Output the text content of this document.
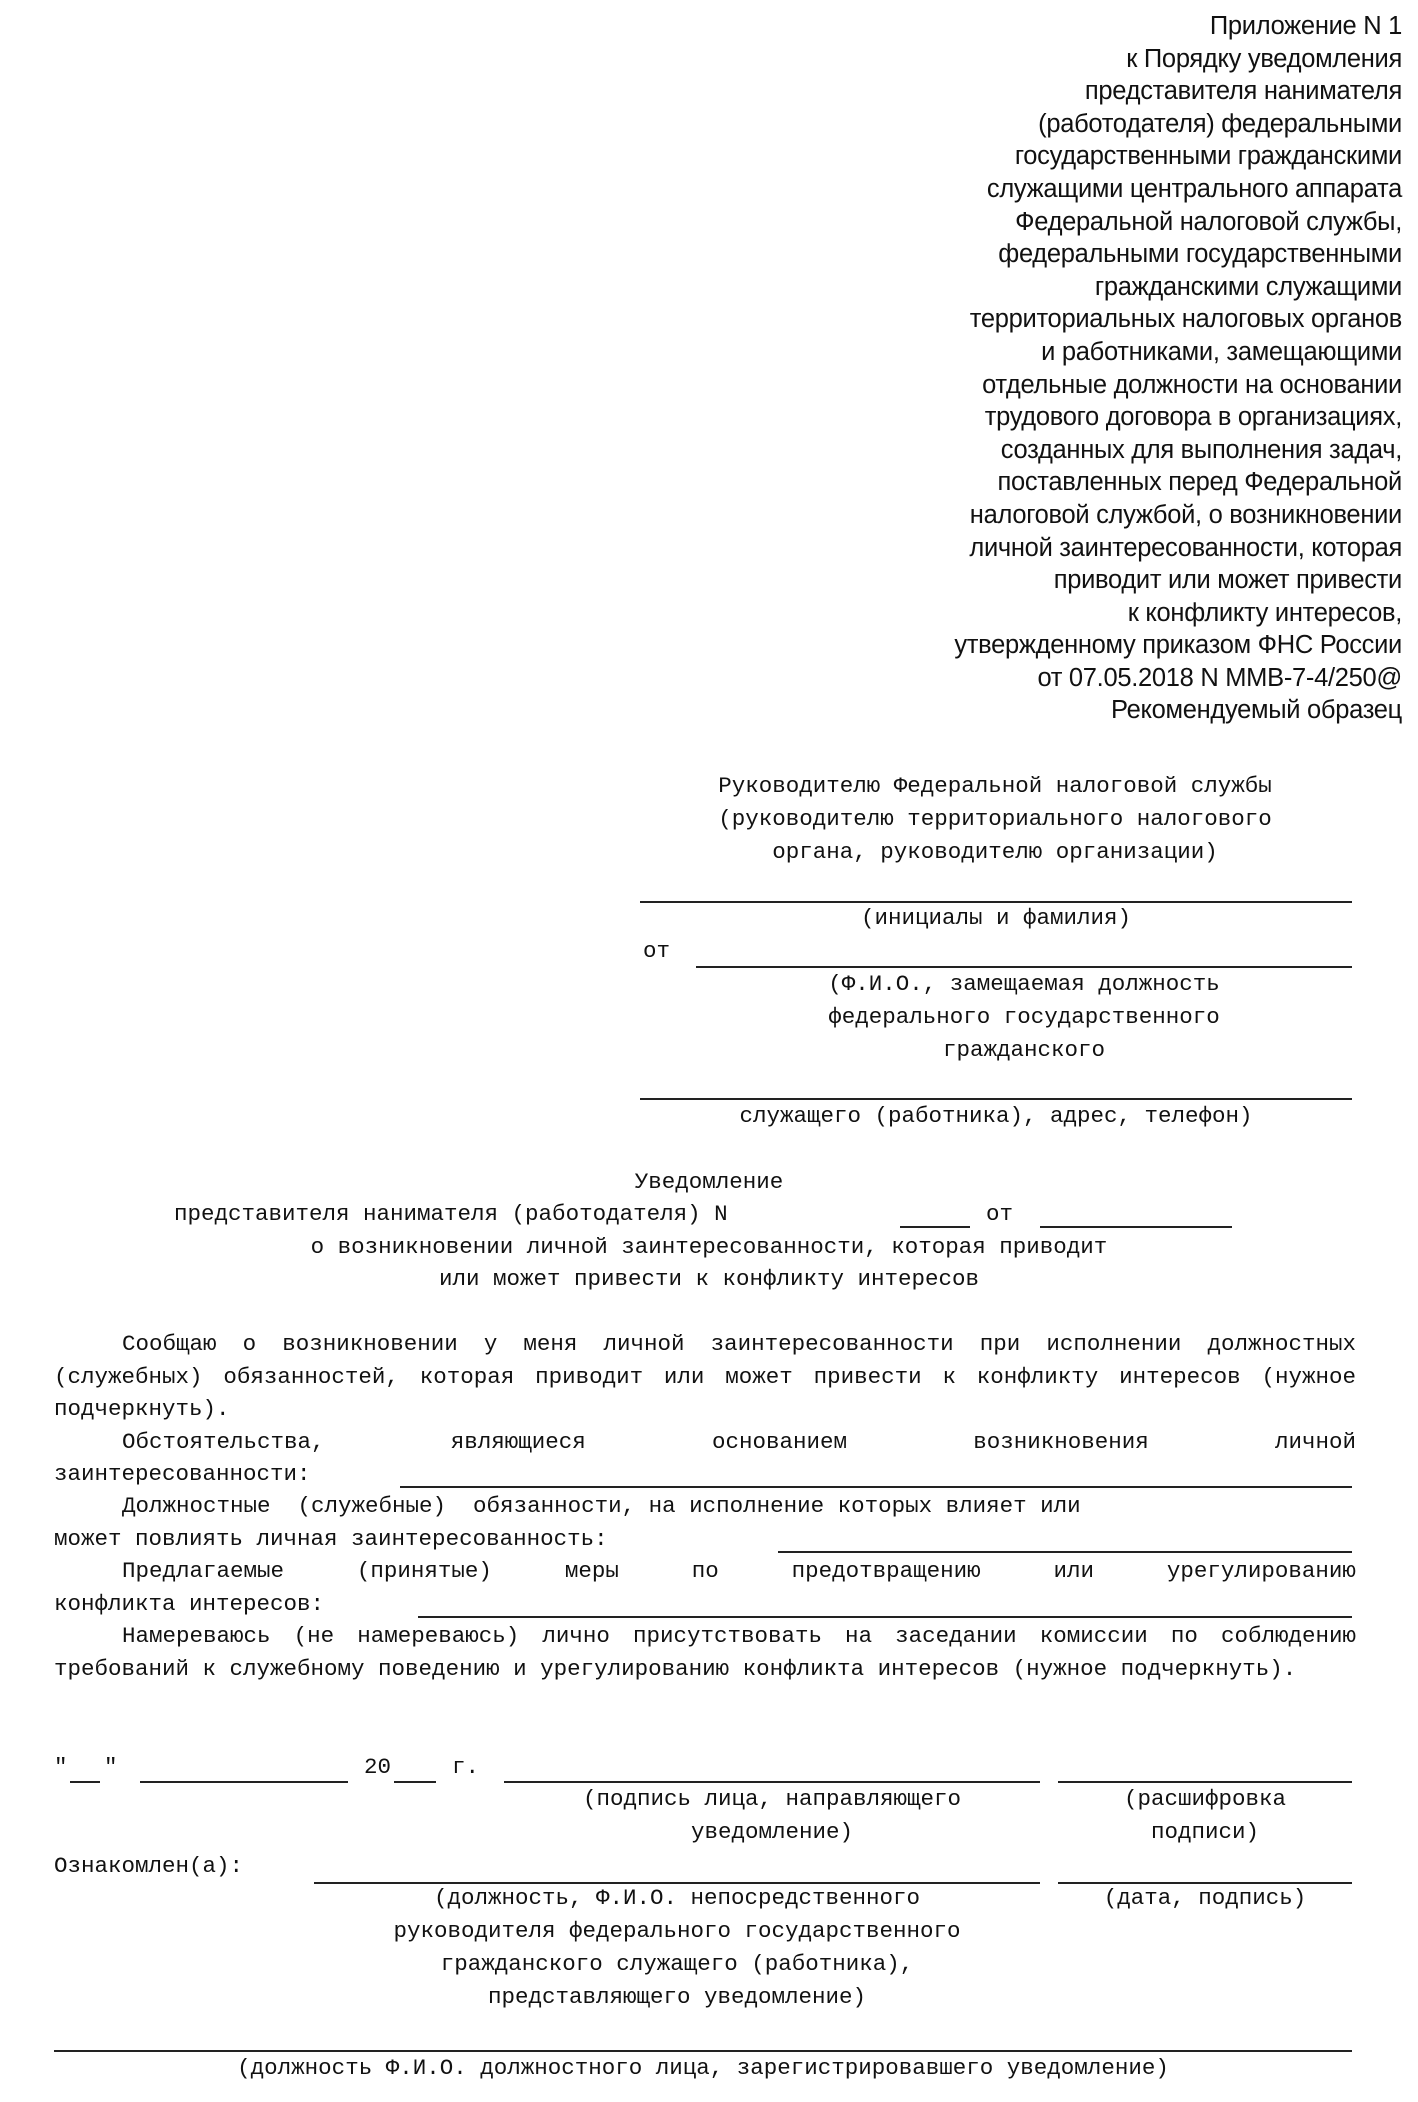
Приложение N 1
к Порядку уведомления
представителя нанимателя
(работодателя) федеральными
государственными гражданскими
служащими центрального аппарата
Федеральной налоговой службы,
федеральными государственными
гражданскими служащими
территориальных налоговых органов
и работниками, замещающими
отдельные должности на основании
трудового договора в организациях,
созданных для выполнения задач,
поставленных перед Федеральной
налоговой службой, о возникновении
личной заинтересованности, которая
приводит или может привести
к конфликту интересов,
утвержденному приказом ФНС России
от 07.05.2018 N ММВ-7-4/250@
Рекомендуемый образец
Руководителю Федеральной налоговой службы
(руководителю территориального налогового
органа, руководителю организации)
(инициалы и фамилия)
от
(Ф.И.О., замещаемая должность
федерального государственного
гражданского
служащего (работника), адрес, телефон)
Уведомление
представителя нанимателя (работодателя) N	от
о возникновении личной заинтересованности, которая приводит
или может привести к конфликту интересов
Сообщаю о возникновении у меня личной заинтересованности при исполнении должностных (служебных) обязанностей, которая приводит или может привести к конфликту интересов (нужное подчеркнуть).
Обстоятельства,	являющиеся	основанием	возникновения	личной
заинтересованности:
Должностные  (служебные)  обязанности, на исполнение которых влияет или
может повлиять личная заинтересованность:
Предлагаемые	(принятые)	меры	по	предотвращению	или	урегулированию
конфликта интересов:
Намереваюсь (не намереваюсь) лично присутствовать на заседании комиссии по соблюдению требований к служебному поведению и урегулированию конфликта интересов (нужное подчеркнуть).
" "	20	г.
(подпись лица, направляющего
уведомление)
(расшифровка
подписи)
Ознакомлен(а):
(должность, Ф.И.О. непосредственного
руководителя федерального государственного
гражданского служащего (работника),
представляющего уведомление)
(дата, подпись)
(должность Ф.И.О. должностного лица, зарегистрировавшего уведомление)
